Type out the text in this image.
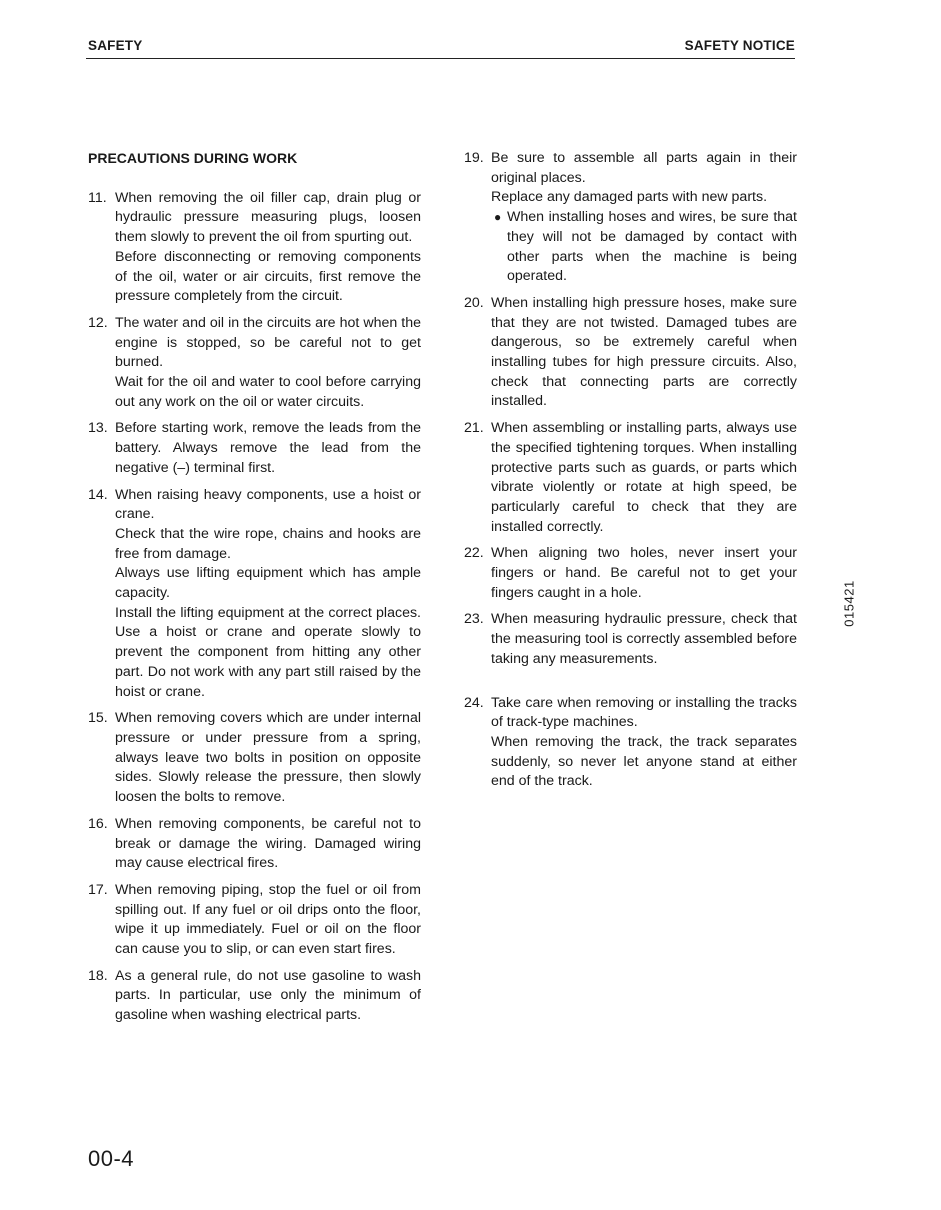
SAFETY	SAFETY NOTICE
PRECAUTIONS DURING WORK
11. When removing the oil filler cap, drain plug or hydraulic pressure measuring plugs, loosen them slowly to prevent the oil from spurting out.

Before disconnecting or removing components of the oil, water or air circuits, first remove the pressure completely from the circuit.

12. The water and oil in the circuits are hot when the engine is stopped, so be careful not to get burned.

Wait for the oil and water to cool before carrying out any work on the oil or water circuits.

13. Before starting work, remove the leads from the battery. Always remove the lead from the negative (–) terminal first.

14. When raising heavy components, use a hoist or crane.

Check that the wire rope, chains and hooks are free from damage.

Always use lifting equipment which has ample capacity.

Install the lifting equipment at the correct places. Use a hoist or crane and operate slowly to prevent the component from hitting any other part. Do not work with any part still raised by the hoist or crane.

15. When removing covers which are under internal pressure or under pressure from a spring, always leave two bolts in position on opposite sides. Slowly release the pressure, then slowly loosen the bolts to remove.

16. When removing components, be careful not to break or damage the wiring. Damaged wiring may cause electrical fires.

17. When removing piping, stop the fuel or oil from spilling out. If any fuel or oil drips onto the floor, wipe it up immediately. Fuel or oil on the floor can cause you to slip, or can even start fires.

18. As a general rule, do not use gasoline to wash parts. In particular, use only the minimum of gasoline when washing electrical parts.

19. Be sure to assemble all parts again in their original places.

Replace any damaged parts with new parts.

● When installing hoses and wires, be sure that they will not be damaged by contact with other parts when the machine is being operated.
20. When installing high pressure hoses, make sure that they are not twisted. Damaged tubes are dangerous, so be extremely careful when installing tubes for high pressure circuits. Also, check that connecting parts are correctly installed.

21. When assembling or installing parts, always use the specified tightening torques. When installing protective parts such as guards, or parts which vibrate violently or rotate at high speed, be particularly careful to check that they are installed correctly.

22. When aligning two holes, never insert your fingers or hand. Be careful not to get your fingers caught in a hole.

23. When measuring hydraulic pressure, check that the measuring tool is correctly assembled before taking any measurements.

24. Take care when removing or installing the tracks of track-type machines.

When removing the track, the track separates suddenly, so never let anyone stand at either end of the track.

015421
00-4
